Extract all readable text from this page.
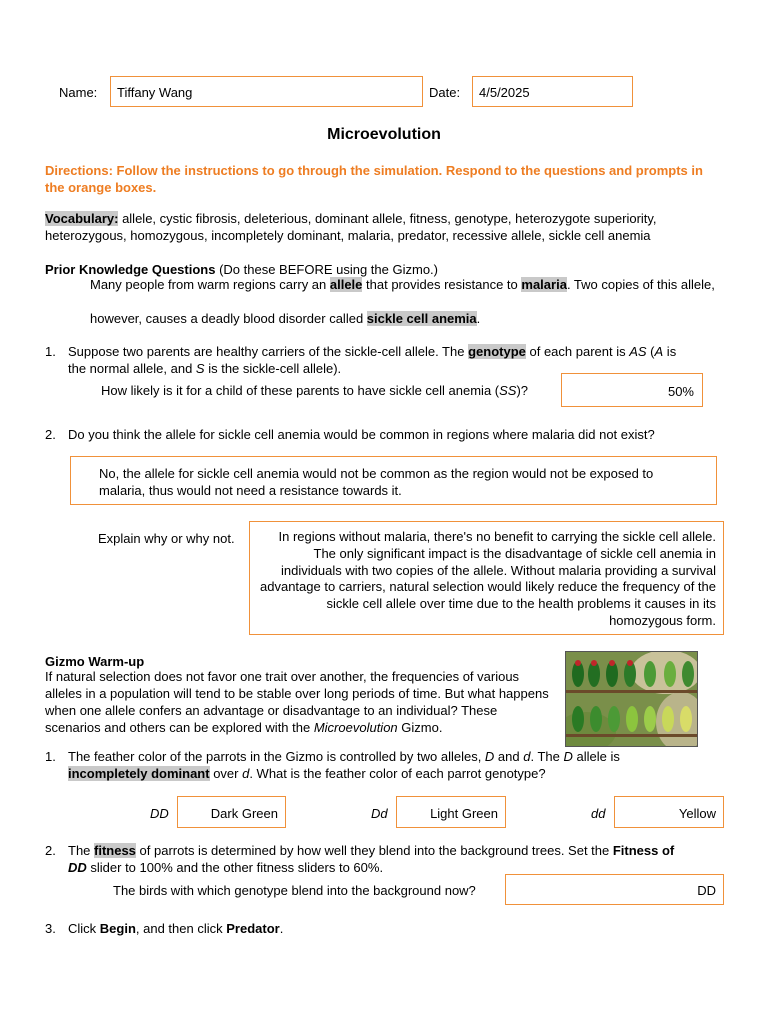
Name:	Tiffany Wang	Date:	4/5/2025
Microevolution
Directions: Follow the instructions to go through the simulation. Respond to the questions and prompts in the orange boxes.
Vocabulary: allele, cystic fibrosis, deleterious, dominant allele, fitness, genotype, heterozygote superiority, heterozygous, homozygous, incompletely dominant, malaria, predator, recessive allele, sickle cell anemia
Prior Knowledge Questions (Do these BEFORE using the Gizmo.)
Many people from warm regions carry an allele that provides resistance to malaria. Two copies of this allele,
however, causes a deadly blood disorder called sickle cell anemia.
1. Suppose two parents are healthy carriers of the sickle-cell allele. The genotype of each parent is AS (A is
the normal allele, and S is the sickle-cell allele).
How likely is it for a child of these parents to have sickle cell anemia (SS)?	50%
2. Do you think the allele for sickle cell anemia would be common in regions where malaria did not exist?
No, the allele for sickle cell anemia would not be common as the region would not be exposed to malaria, thus would not need a resistance towards it.
Explain why or why not.	In regions without malaria, there's no benefit to carrying the sickle cell allele. The only significant impact is the disadvantage of sickle cell anemia in individuals with two copies of the allele. Without malaria providing a survival advantage to carriers, natural selection would likely reduce the frequency of the sickle cell allele over time due to the health problems it causes in its homozygous form.
Gizmo Warm-up
If natural selection does not favor one trait over another, the frequencies of various alleles in a population will tend to be stable over long periods of time. But what happens when one allele confers an advantage or disadvantage to an individual? These scenarios and others can be explored with the Microevolution Gizmo.
1. The feather color of the parrots in the Gizmo is controlled by two alleles, D and d. The D allele is
incompletely dominant over d. What is the feather color of each parrot genotype?
DD	Dark Green	Dd	Light Green	dd	Yellow
2. The fitness of parrots is determined by how well they blend into the background trees. Set the Fitness of
DD slider to 100% and the other fitness sliders to 60%.
The birds with which genotype blend into the background now?	DD
3. Click Begin, and then click Predator.
